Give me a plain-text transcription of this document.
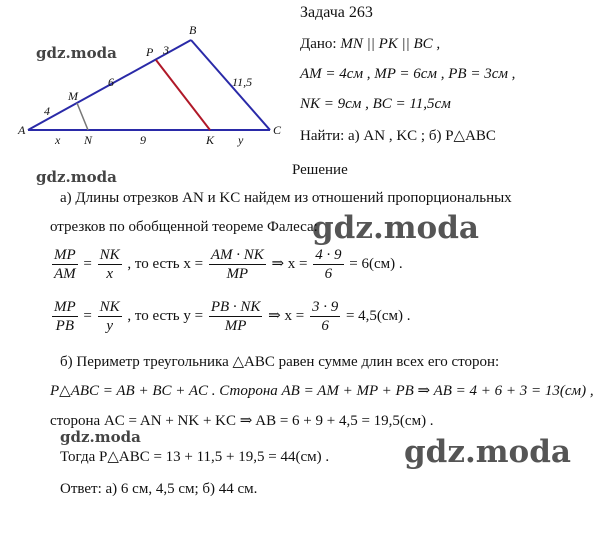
Задача 263
gdz.moda
gdz.moda
gdz.moda
gdz.moda	gdz.moda
A
B
C
M
P
N	K
4
6
3
11,5
x	9	y
Дано: MN || PK || BC ,
AM = 4см , MP = 6см , PB = 3см ,
NK = 9см , BC = 11,5см
Найти: а) AN , KC ; б) P△ABC
Решение
а) Длины отрезков AN и KC найдем из отношений пропорциональных
отрезков по обобщенной теореме Фалеса:
$\frac{MP}{AM} = \frac{NK}{x}$ , то есть $x = \frac{AM \cdot NK}{MP}$ ⇒ $x = \frac{4 \cdot 9}{6} = 6(см)$ .
$\frac{MP}{PB} = \frac{NK}{y}$ , то есть $y = \frac{PB \cdot NK}{MP}$ ⇒ $x = \frac{3 \cdot 9}{6} = 4,5(см)$ .
б) Периметр треугольника △ABC равен сумме длин всех его сторон:
P△ABC = AB + BC + AC . Сторона AB = AM + MP + PB ⇒ AB = 4 + 6 + 3 = 13(см) ,
сторона AC = AN + NK + KC ⇒ AB = 6 + 9 + 4,5 = 19,5(см) .
Тогда P△ABC = 13 + 11,5 + 19,5 = 44(см) .
Ответ: а) 6 см, 4,5 см; б) 44 см.
